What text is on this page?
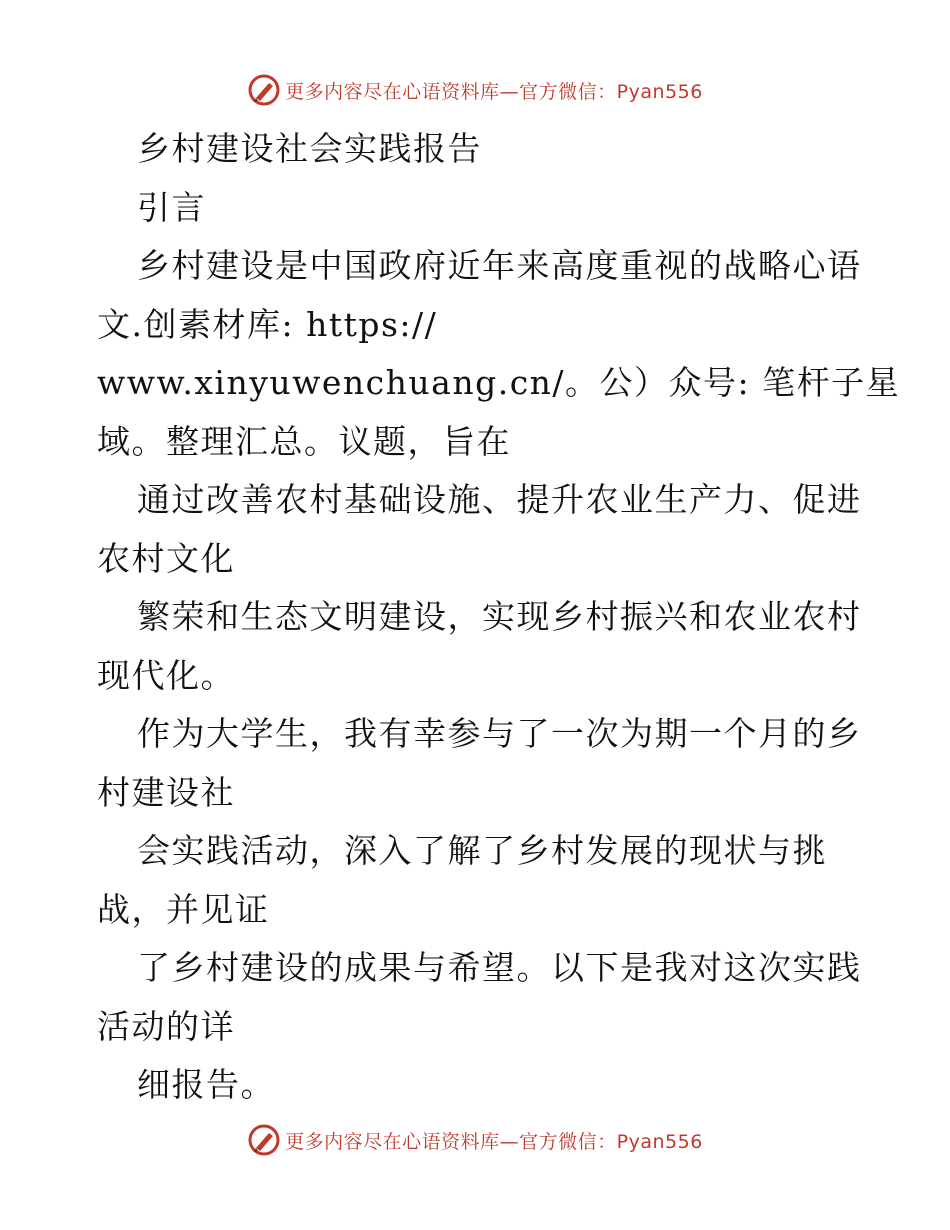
更多内容尽在心语资料库—官方微信：Pyan556
乡村建设社会实践报告
引言
乡村建设是中国政府近年来高度重视的战略心语
文.创素材库: https://
www.xinyuwenchuang.cn/。公）众号: 笔杆子星
域。整理汇总。议题，旨在
通过改善农村基础设施、提升农业生产力、促进
农村文化
繁荣和生态文明建设，实现乡村振兴和农业农村
现代化。
作为大学生，我有幸参与了一次为期一个月的乡
村建设社
会实践活动，深入了解了乡村发展的现状与挑
战，并见证
了乡村建设的成果与希望。以下是我对这次实践
活动的详
细报告。
更多内容尽在心语资料库—官方微信：Pyan556
